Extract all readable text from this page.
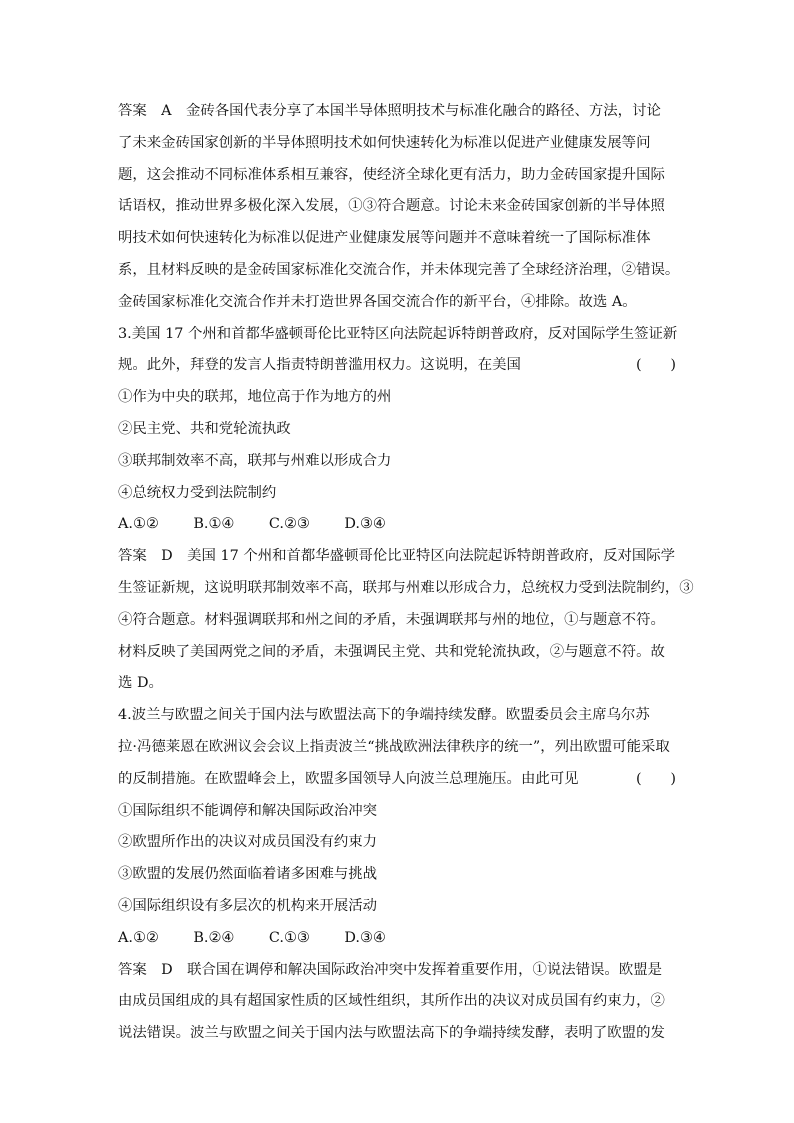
答案　A　金砖各国代表分享了本国半导体照明技术与标准化融合的路径、方法，讨论
了未来金砖国家创新的半导体照明技术如何快速转化为标准以促进产业健康发展等问
题，这会推动不同标准体系相互兼容，使经济全球化更有活力，助力金砖国家提升国际
话语权，推动世界多极化深入发展，①③符合题意。讨论未来金砖国家创新的半导体照
明技术如何快速转化为标准以促进产业健康发展等问题并不意味着统一了国际标准体
系，且材料反映的是金砖国家标准化交流合作，并未体现完善了全球经济治理，②错误。
金砖国家标准化交流合作并未打造世界各国交流合作的新平台，④排除。故选 A。
3.美国 17 个州和首都华盛顿哥伦比亚特区向法院起诉特朗普政府，反对国际学生签证新
规。此外，拜登的发言人指责特朗普滥用权力。这说明，在美国	(　　)
①作为中央的联邦，地位高于作为地方的州
②民主党、共和党轮流执政
③联邦制效率不高，联邦与州难以形成合力
④总统权力受到法院制约
A.①② B.①④ C.②③ D.③④
答案　D　美国 17 个州和首都华盛顿哥伦比亚特区向法院起诉特朗普政府，反对国际学
生签证新规，这说明联邦制效率不高，联邦与州难以形成合力，总统权力受到法院制约，③
④符合题意。材料强调联邦和州之间的矛盾，未强调联邦与州的地位，①与题意不符。
材料反映了美国两党之间的矛盾，未强调民主党、共和党轮流执政，②与题意不符。故
选 D。
4.波兰与欧盟之间关于国内法与欧盟法高下的争端持续发酵。欧盟委员会主席乌尔苏
拉·冯德莱恩在欧洲议会会议上指责波兰“挑战欧洲法律秩序的统一”，列出欧盟可能采取
的反制措施。在欧盟峰会上，欧盟多国领导人向波兰总理施压。由此可见	(　　)
①国际组织不能调停和解决国际政治冲突
②欧盟所作出的决议对成员国没有约束力
③欧盟的发展仍然面临着诸多困难与挑战
④国际组织设有多层次的机构来开展活动
A.①② B.②④ C.①③ D.③④
答案　D　联合国在调停和解决国际政治冲突中发挥着重要作用，①说法错误。欧盟是
由成员国组成的具有超国家性质的区域性组织，其所作出的决议对成员国有约束力，②
说法错误。波兰与欧盟之间关于国内法与欧盟法高下的争端持续发酵，表明了欧盟的发
